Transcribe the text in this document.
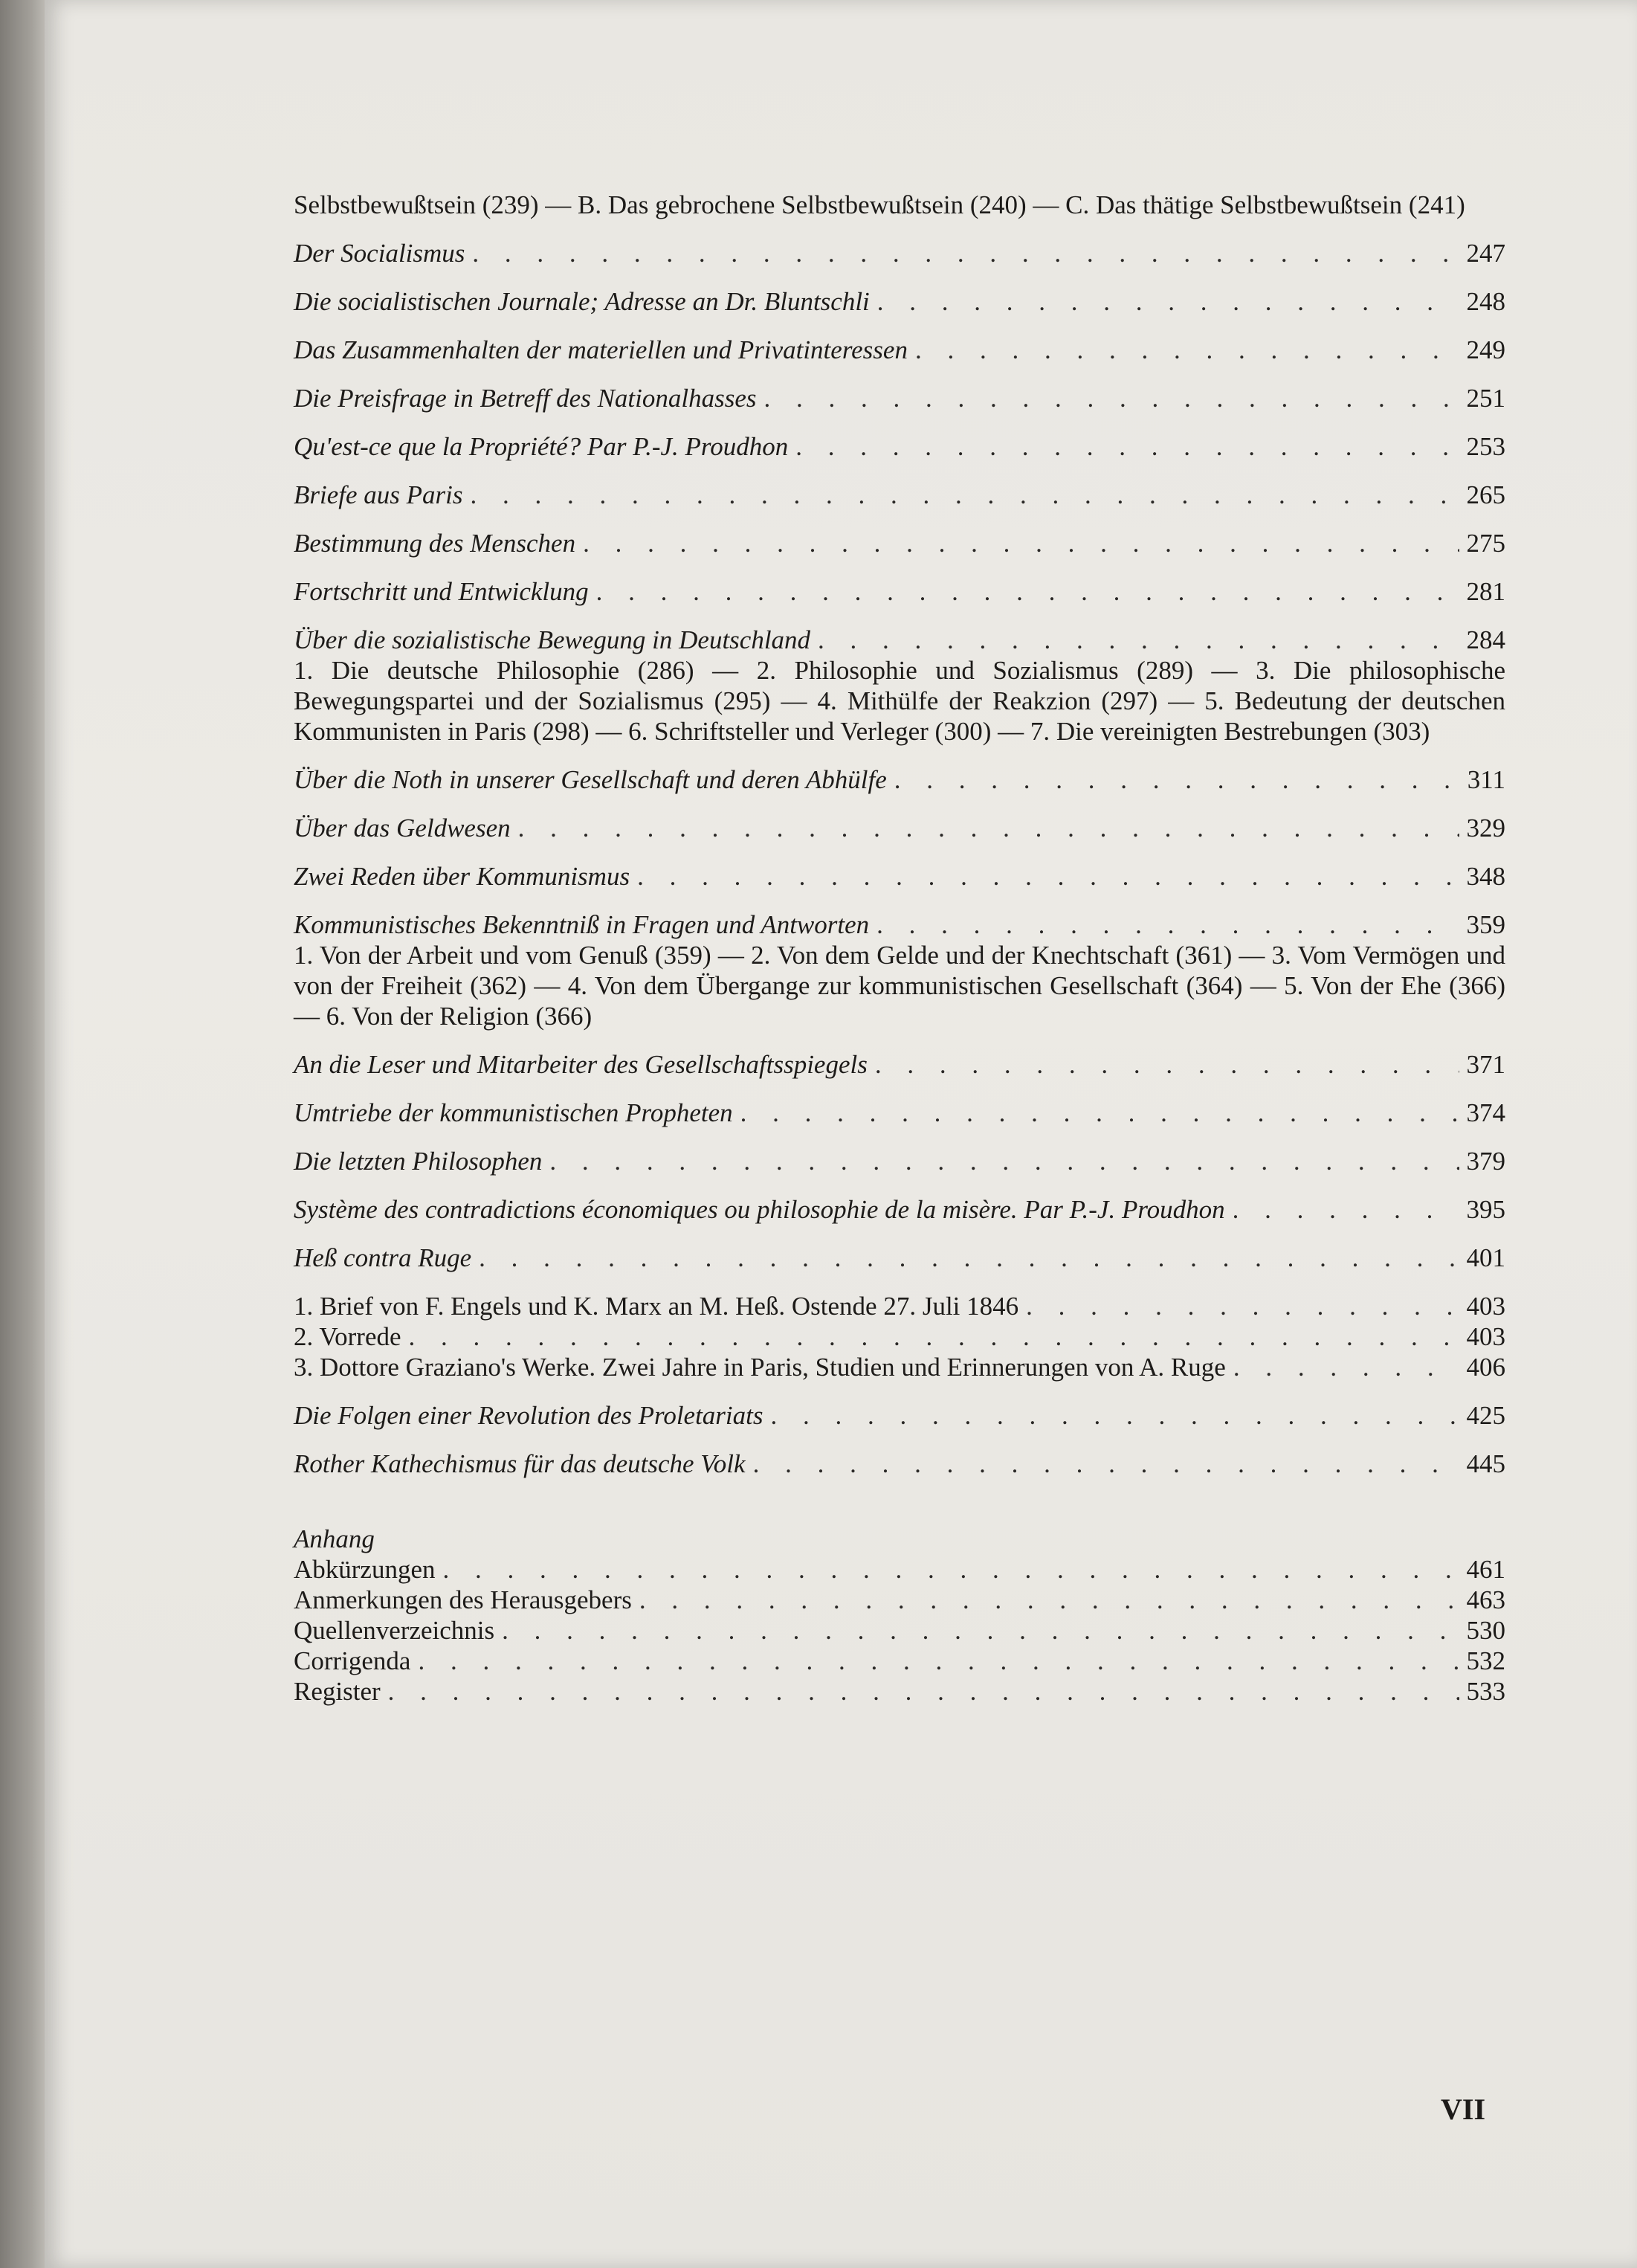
Selbstbewußtsein (239) — B. Das gebrochene Selbstbewußtsein (240) — C. Das thätige Selbstbewußtsein (241)
Der Socialismus . . .	247
Die socialistischen Journale; Adresse an Dr. Bluntschli . . .	248
Das Zusammenhalten der materiellen und Privatinteressen . . .	249
Die Preisfrage in Betreff des Nationalhasses . . .	251
Qu'est-ce que la Propriété? Par P.-J. Proudhon . . .	253
Briefe aus Paris . . .	265
Bestimmung des Menschen . . .	275
Fortschritt und Entwicklung . . .	281
Über die sozialistische Bewegung in Deutschland . . .	284
1. Die deutsche Philosophie (286) — 2. Philosophie und Sozialismus (289) — 3. Die philosophische Bewegungspartei und der Sozialismus (295) — 4. Mithülfe der Reakzion (297) — 5. Bedeutung der deutschen Kommunisten in Paris (298) — 6. Schriftsteller und Verleger (300) — 7. Die vereinigten Bestrebungen (303)
Über die Noth in unserer Gesellschaft und deren Abhülfe . . .	311
Über das Geldwesen . . .	329
Zwei Reden über Kommunismus . . .	348
Kommunistisches Bekenntniß in Fragen und Antworten . . .	359
1. Von der Arbeit und vom Genuß (359) — 2. Von dem Gelde und der Knechtschaft (361) — 3. Vom Vermögen und von der Freiheit (362) — 4. Von dem Übergange zur kommunistischen Gesellschaft (364) — 5. Von der Ehe (366) — 6. Von der Religion (366)
An die Leser und Mitarbeiter des Gesellschaftsspiegels . . .	371
Umtriebe der kommunistischen Propheten . . .	374
Die letzten Philosophen . . .	379
Système des contradictions économiques ou philosophie de la misère. Par P.-J. Proudhon . . .	395
Heß contra Ruge . . .	401
1. Brief von F. Engels und K. Marx an M. Heß. Ostende 27. Juli 1846 . . .	403
2. Vorrede . . .	403
3. Dottore Graziano's Werke. Zwei Jahre in Paris, Studien und Erinnerungen von A. Ruge . . .	406
Die Folgen einer Revolution des Proletariats . . .	425
Rother Kathechismus für das deutsche Volk . . .	445
Anhang
Abkürzungen . . .	461
Anmerkungen des Herausgebers . . .	463
Quellenverzeichnis . . .	530
Corrigenda . . .	532
Register . . .	533
VII
